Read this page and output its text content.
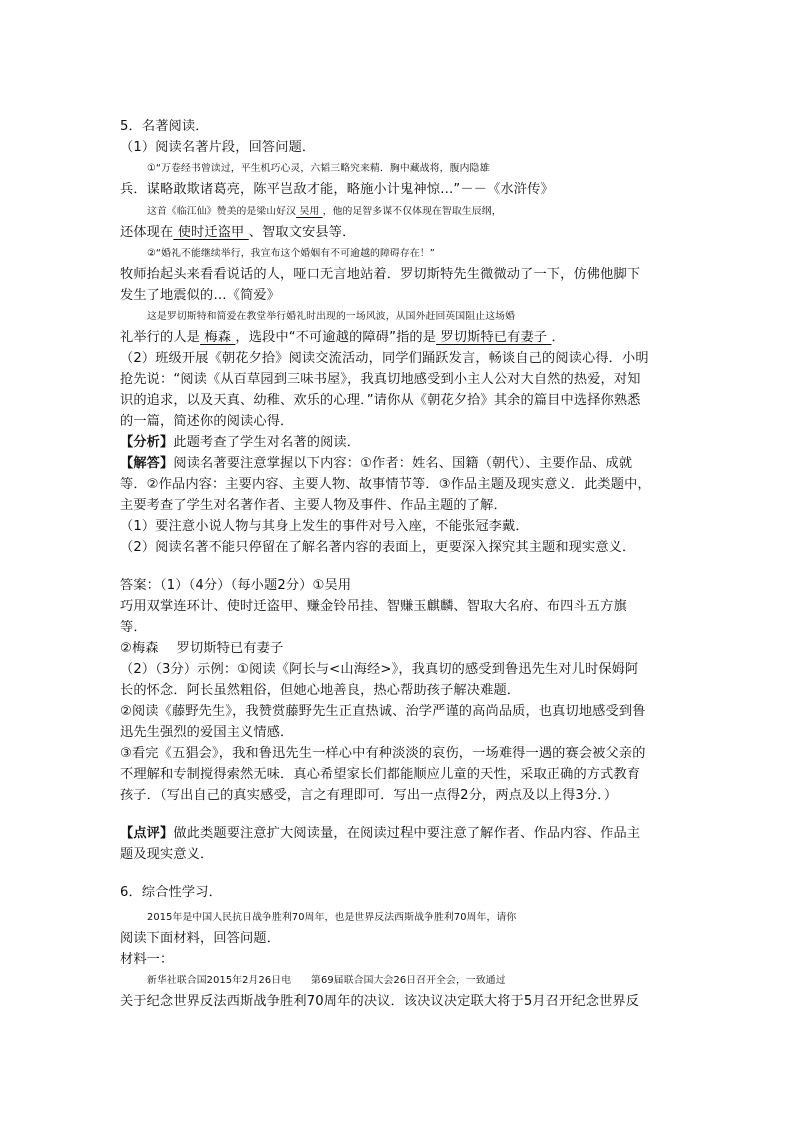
5．名著阅读．
（1）阅读名著片段，回答问题．
①“万卷经书曾读过，平生机巧心灵，六韬三略究来精．胸中藏战将，腹内隐雄
兵．谋略敢欺诸葛亮，陈平岂敌才能，略施小计鬼神惊…”－－《水浒传》
这首《临江仙》赞美的是梁山好汉 吴用 ，他的足智多谋不仅体现在智取生辰纲，
还体现在 使时迁盗甲 、智取文安县等．
②“婚礼不能继续举行，我宣布这个婚姻有不可逾越的障碍存在！”
牧师抬起头来看看说话的人，哑口无言地站着．罗切斯特先生微微动了一下，仿佛他脚下
发生了地震似的…《简爱》
这是罗切斯特和简爱在教堂举行婚礼时出现的一场风波，从国外赶回英国阻止这场婚
礼举行的人是 梅森 ，选段中“不可逾越的障碍”指的是 罗切斯特已有妻子 ．
（2）班级开展《朝花夕拾》阅读交流活动，同学们踊跃发言，畅谈自己的阅读心得．小明
抢先说：“阅读《从百草园到三味书屋》，我真切地感受到小主人公对大自然的热爱，对知
识的追求，以及天真、幼稚、欢乐的心理．”请你从《朝花夕拾》其余的篇目中选择你熟悉
的一篇，简述你的阅读心得．
【分析】此题考查了学生对名著的阅读．
【解答】阅读名著要注意掌握以下内容：①作者：姓名、国籍（朝代）、主要作品、成就
等．②作品内容：主要内容、主要人物、故事情节等．③作品主题及现实意义．此类题中，
主要考查了学生对名著作者、主要人物及事件、作品主题的了解．
（1）要注意小说人物与其身上发生的事件对号入座，不能张冠李戴．
（2）阅读名著不能只停留在了解名著内容的表面上，更要深入探究其主题和现实意义．
答案：（1）（4分）（每小题2分）①吴用
巧用双掌连环计、使时迁盗甲、赚金铃吊挂、智赚玉麒麟、智取大名府、布四斗五方旗
等．
②梅森 罗切斯特已有妻子
（2）（3分）示例：①阅读《阿长与<山海经>》，我真切的感受到鲁迅先生对儿时保姆阿
长的怀念．阿长虽然粗俗，但她心地善良，热心帮助孩子解决难题．
②阅读《藤野先生》，我赞赏藤野先生正直热诚、治学严谨的高尚品质，也真切地感受到鲁
迅先生强烈的爱国主义情感．
③看完《五猖会》，我和鲁迅先生一样心中有种淡淡的哀伤，一场难得一遇的赛会被父亲的
不理解和专制搅得索然无味．真心希望家长们都能顺应儿童的天性，采取正确的方式教育
孩子．（写出自己的真实感受，言之有理即可．写出一点得2分，两点及以上得3分．）
【点评】做此类题要注意扩大阅读量，在阅读过程中要注意了解作者、作品内容、作品主
题及现实意义．
6．综合性学习．
2015年是中国人民抗日战争胜利70周年，也是世界反法西斯战争胜利70周年，请你
阅读下面材料，回答问题．
材料一：
新华社联合国2015年2月26日电　　第69届联合国大会26日召开全会，一致通过
关于纪念世界反法西斯战争胜利70周年的决议．该决议决定联大将于5月召开纪念世界反
